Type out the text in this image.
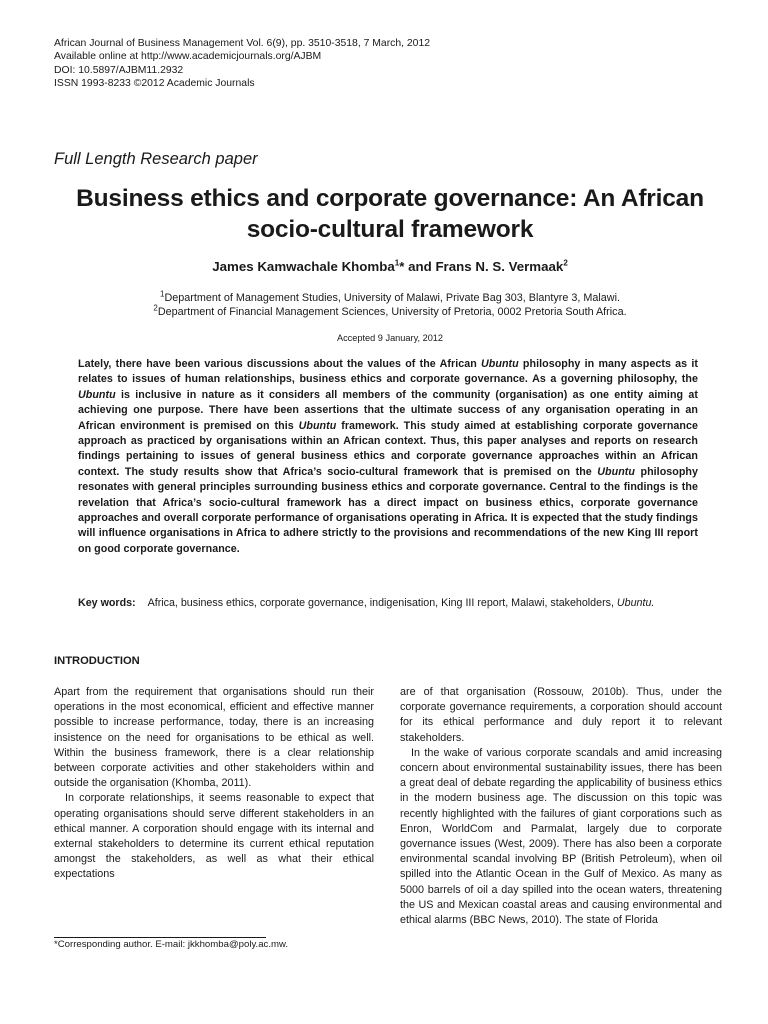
African Journal of Business Management Vol. 6(9), pp. 3510-3518, 7 March, 2012
Available online at http://www.academicjournals.org/AJBM
DOI: 10.5897/AJBM11.2932
ISSN 1993-8233 ©2012 Academic Journals
Full Length Research paper
Business ethics and corporate governance: An African
socio-cultural framework
James Kamwachale Khomba$^1$* and Frans N. S. Vermaak$^2$
$^1$Department of Management Studies, University of Malawi, Private Bag 303, Blantyre 3, Malawi.
$^2$Department of Financial Management Sciences, University of Pretoria, 0002 Pretoria South Africa.
Accepted 9 January, 2012
Lately, there have been various discussions about the values of the African Ubuntu philosophy in many aspects as it relates to issues of human relationships, business ethics and corporate governance. As a governing philosophy, the Ubuntu is inclusive in nature as it considers all members of the community (organisation) as one entity aiming at achieving one purpose. There have been assertions that the ultimate success of any organisation operating in an African environment is premised on this Ubuntu framework. This study aimed at establishing corporate governance approach as practiced by organisations within an African context. Thus, this paper analyses and reports on research findings pertaining to issues of general business ethics and corporate governance approaches within an African context. The study results show that Africa’s socio-cultural framework that is premised on the Ubuntu philosophy resonates with general principles surrounding business ethics and corporate governance. Central to the findings is the revelation that Africa’s socio-cultural framework has a direct impact on business ethics, corporate governance approaches and overall corporate performance of organisations operating in Africa. It is expected that the study findings will influence organisations in Africa to adhere strictly to the provisions and recommendations of the new King III report on good corporate governance.
Key words: Africa, business ethics, corporate governance, indigenisation, King III report, Malawi, stakeholders, Ubuntu.
INTRODUCTION

Apart from the requirement that organisations should run their operations in the most economical, efficient and effective manner possible to increase performance, today, there is an increasing insistence on the need for organisations to be ethical as well. Within the business framework, there is a clear relationship between corporate activities and other stakeholders within and outside the organisation (Khomba, 2011).

In corporate relationships, it seems reasonable to expect that operating organisations should serve different stakeholders in an ethical manner. A corporation should engage with its internal and external stakeholders to determine its current ethical reputation amongst the stakeholders, as well as what their ethical expectations

are of that organisation (Rossouw, 2010b). Thus, under the corporate governance requirements, a corporation should account for its ethical performance and duly report it to relevant stakeholders.

In the wake of various corporate scandals and amid increasing concern about environmental sustainability issues, there has been a great deal of debate regarding the applicability of business ethics in the modern business age. The discussion on this topic was recently highlighted with the failures of giant corporations such as Enron, WorldCom and Parmalat, largely due to corporate governance issues (West, 2009). There has also been a corporate environmental scandal involving BP (British Petroleum), when oil spilled into the Atlantic Ocean in the Gulf of Mexico. As many as 5000 barrels of oil a day spilled into the ocean waters, threatening the US and Mexican coastal areas and causing environmental and ethical alarms (BBC News, 2010). The state of Florida

*Corresponding author. E-mail: jkkhomba@poly.ac.mw.
